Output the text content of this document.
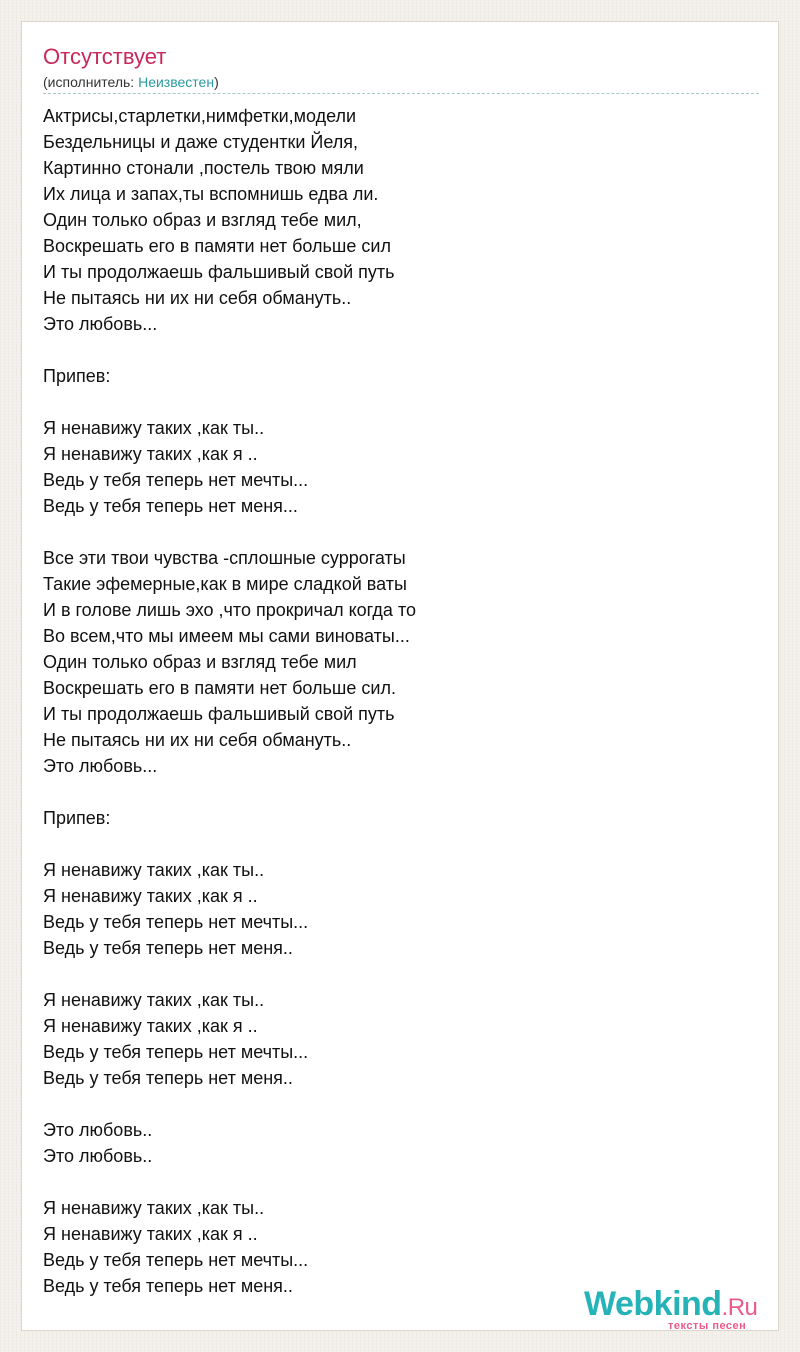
Отсутствует
(исполнитель: Неизвестен)
Актрисы,старлетки,нимфетки,модели
Бездельницы и даже студентки Йеля,
Картинно стонали ,постель твою мяли
Их лица и запах,ты вспомнишь едва ли.
Один только образ и взгляд тебе мил,
Воскрешать его в памяти нет больше сил
И ты продолжаешь фальшивый свой путь
Не пытаясь ни их ни себя обмануть..
Это любовь...
Припев:
Я ненавижу таких ,как ты..
Я ненавижу таких ,как я ..
Ведь у тебя теперь нет мечты...
Ведь у тебя теперь нет меня...
Все эти твои чувства -сплошные суррогаты
Такие эфемерные,как в мире сладкой ваты
И в голове лишь эхо ,что прокричал когда то
Во всем,что мы имеем мы сами виноваты...
Один только образ и взгляд тебе мил
Воскрешать его в памяти нет больше сил.
И ты продолжаешь фальшивый свой путь
Не пытаясь ни их ни себя обмануть..
Это любовь...
Припев:
Я ненавижу таких ,как ты..
Я ненавижу таких ,как я ..
Ведь у тебя теперь нет мечты...
Ведь у тебя теперь нет меня..
Я ненавижу таких ,как ты..
Я ненавижу таких ,как я ..
Ведь у тебя теперь нет мечты...
Ведь у тебя теперь нет меня..
Это любовь..
Это любовь..
Я ненавижу таких ,как ты..
Я ненавижу таких ,как я ..
Ведь у тебя теперь нет мечты...
Ведь у тебя теперь нет меня..	Webkind.Ru
тексты песен
